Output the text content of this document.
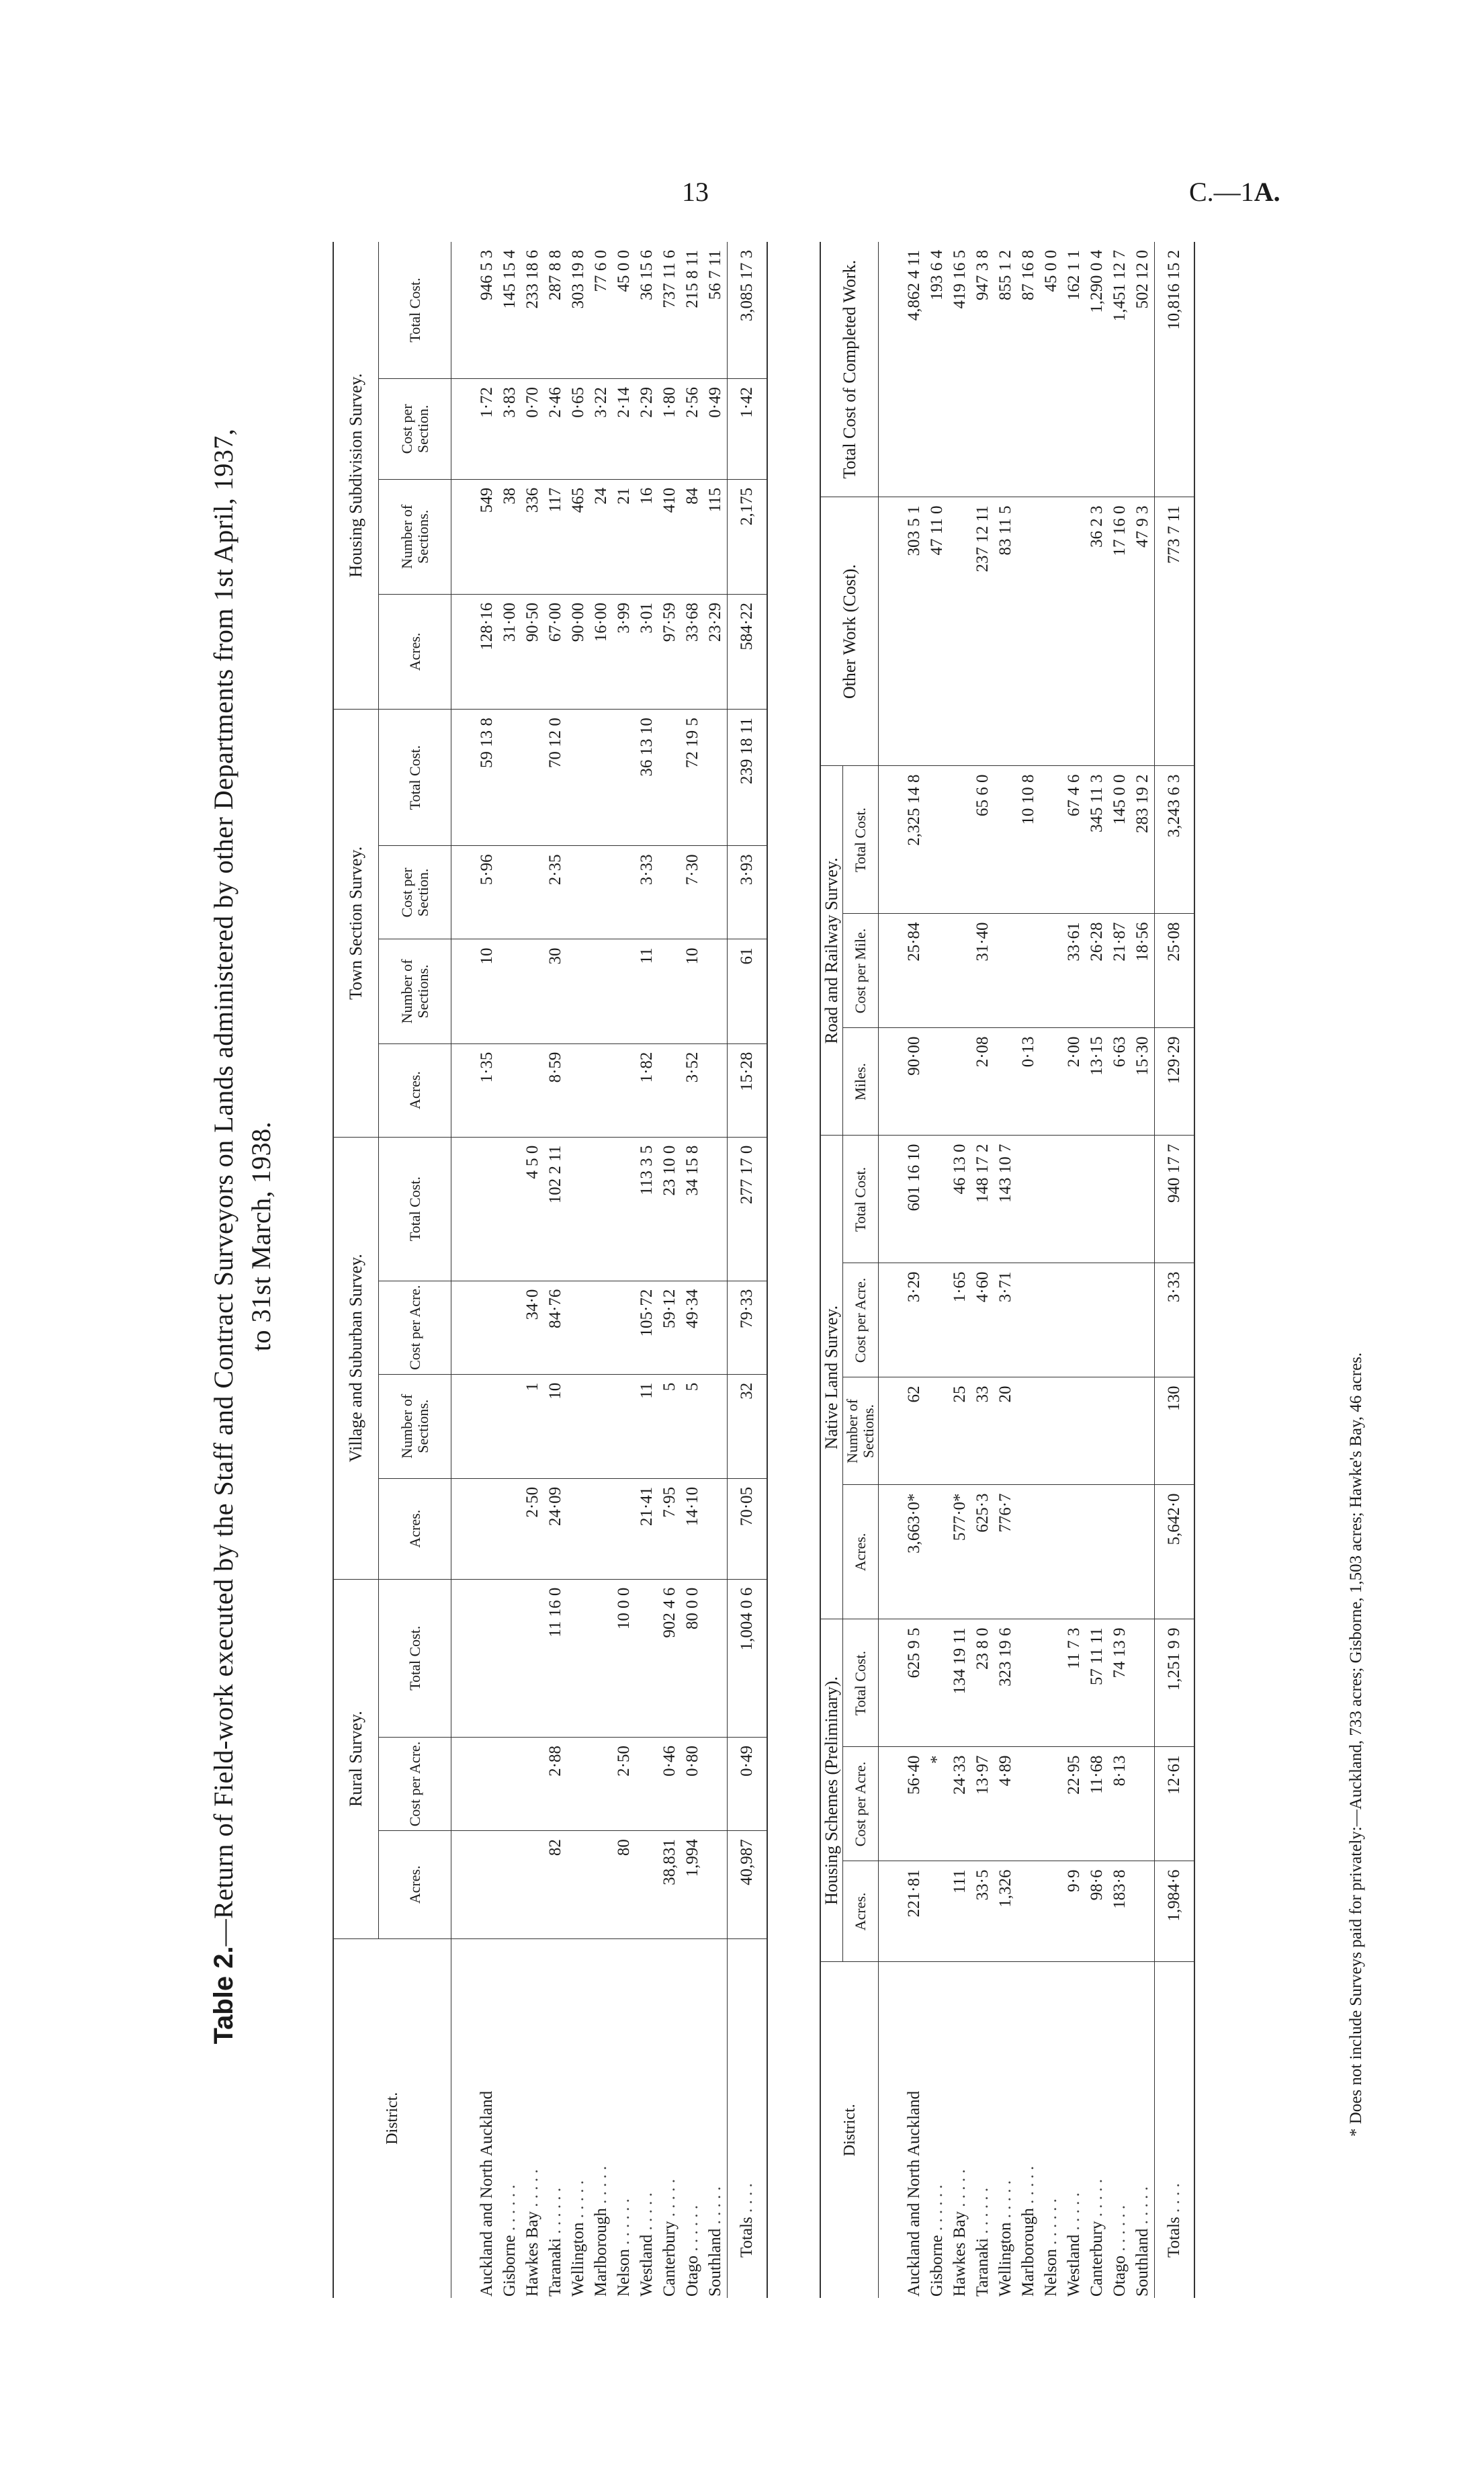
13	C.—1A.
Table 2.—Return of Field-work executed by the Staff and Contract Surveyors on Lands administered by other Departments from 1st April, 1937, to 31st March, 1938.
District.	Rural Survey.			Village and Suburban Survey.				Town Section Survey.				Housing Subdivision Survey.			
	Acres.	Cost per Acre.	Total Cost.	Acres.	Number of Sections.	Cost per Acre.	Total Cost.	Acres.	Number of Sections.	Cost per Section.	Total Cost.	Acres.	Number of Sections.	Cost per Section.	Total Cost.
Auckland and North Auckland								1·35	10	5·96	59 13 8	128·16	549	1·72	946 5 3
Gisborne . . . . . .												31·00	38	3·83	145 15 4
Hawkes Bay . . . . .				2·50	1	34·0	4 5 0					90·50	336	0·70	233 18 6
Taranaki . . . . . .	82	2·88	11 16 0	24·09	10	84·76	102 2 11	8·59	30	2·35	70 12 0	67·00	117	2·46	287 8 8
Wellington . . . . .												90·00	465	0·65	303 19 8
Marlborough . . . . .												16·00	24	3·22	77 6 0
Nelson . . . . . .	80	2·50	10 0 0									3·99	21	2·14	45 0 0
Westland . . . . .				21·41	11	105·72	113 3 5	1·82	11	3·33	36 13 10	3·01	16	2·29	36 15 6
Canterbury . . . . .	38,831	0·46	902 4 6	7·95	5	59·12	23 10 0					97·59	410	1·80	737 11 6
Otago . . . . . .	1,994	0·80	80 0 0	14·10	5	49·34	34 15 8	3·52	10	7·30	72 19 5	33·68	84	2·56	215 8 11
Southland . . . . .												23·29	115	0·49	56 7 11
Totals . . . .	40,987	0·49	1,004 0 6	70·05	32	79·33	277 17 0	15·28	61	3·93	239 18 11	584·22	2,175	1·42	3,085 17 3
District.	Housing Schemes (Preliminary).			Native Land Survey.				Road and Railway Survey.			Other Work (Cost).	Total Cost of Completed Work.
	Acres.	Cost per Acre.	Total Cost.	Acres.	Number of Sections.	Cost per Acre.	Total Cost.	Miles.	Cost per Mile.	Total Cost.		
Auckland and North Auckland	221·81	56·40	625 9 5	3,663·0*	62	3·29	601 16 10	90·00	25·84	2,325 14 8	303 5 1	4,862 4 11
Gisborne . . . . . .		*									47 11 0	193 6 4
Hawkes Bay . . . . .	111	24·33	134 19 11	577·0*	25	1·65	46 13 0					419 16 5
Taranaki . . . . . .	33·5	13·97	23 8 0	625·3	33	4·60	148 17 2	2·08	31·40	65 6 0	237 12 11	947 3 8
Wellington . . . . .	1,326	4·89	323 19 6	776·7	20	3·71	143 10 7				83 11 5	855 1 2
Marlborough . . . . .								0·13		10 10 8		87 16 8
Nelson . . . . . .												45 0 0
Westland . . . . .	9·9	22·95	11 7 3					2·00	33·61	67 4 6		162 1 1
Canterbury . . . . .	98·6	11·68	57 11 11					13·15	26·28	345 11 3	36 2 3	1,290 0 4
Otago . . . . . .	183·8	8·13	74 13 9					6·63	21·87	145 0 0	17 16 0	1,451 12 7
Southland . . . . .								15·30	18·56	283 19 2	47 9 3	502 12 0
Totals . . . .	1,984·6	12·61	1,251 9 9	5,642·0	130	3·33	940 17 7	129·29	25·08	3,243 6 3	773 7 11	10,816 15 2
* Does not include Surveys paid for privately:—Auckland, 733 acres; Gisborne, 1,503 acres; Hawke's Bay, 46 acres.
